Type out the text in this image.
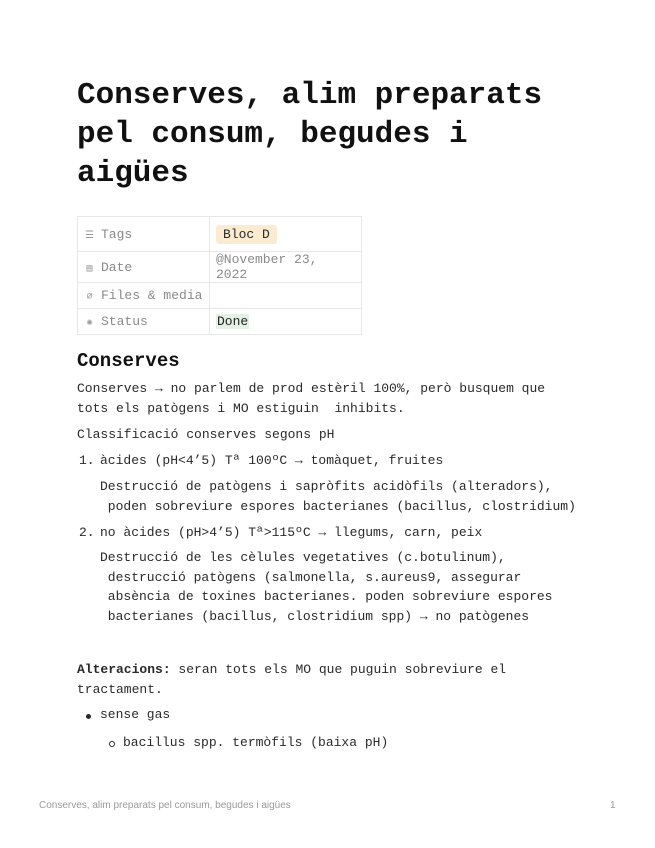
Conserves, alim preparats pel consum, begudes i aigües
☰ Tags	Bloc D
▤ Date	@November 23, 2022
⌀ Files & media	
✺ Status	Done
Conserves

Conserves → no parlem de prod estèril 100%, però busquem que

tots els patògens i MO estiguin  inhibits.

Classificació conserves segons pH

1. àcides (pH<4’5) Tª 100ºC → tomàquet, fruites

Destrucció de patògens i sapròfits acidòfils (alteradors),

poden sobreviure espores bacterianes (bacillus, clostridium)

2. no àcides (pH>4’5) Tª>115ºC → llegums, carn, peix

Destrucció de les cèlules vegetatives (c.botulinum),

destrucció patògens (salmonella, s.aureus9, assegurar

absència de toxines bacterianes. poden sobreviure espores

bacterianes (bacillus, clostridium spp) → no patògenes

Alteracions: seran tots els MO que puguin sobreviure el

tractament.

sense gas

bacillus spp. termòfils (baixa pH)

Conserves, alim preparats pel consum, begudes i aigües	1
